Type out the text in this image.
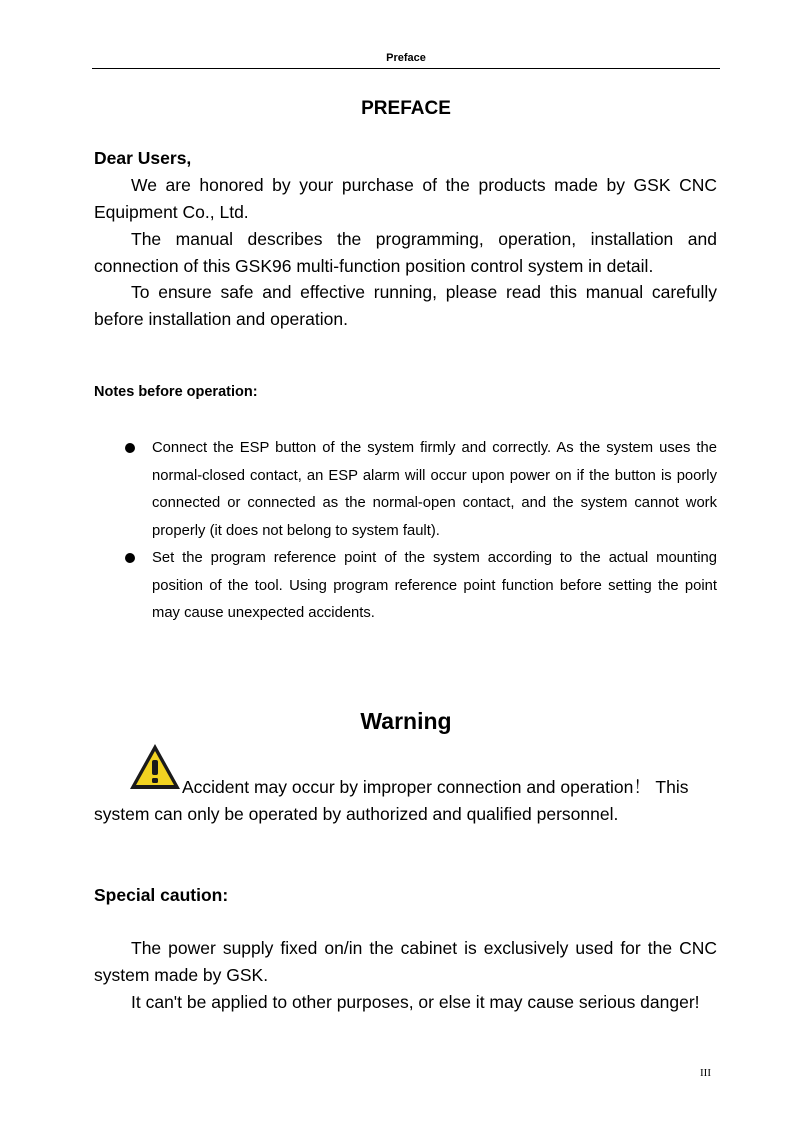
Preface
PREFACE
Dear Users,
We are honored by your purchase of the products made by GSK CNC Equipment Co., Ltd.
The manual describes the programming, operation, installation and connection of this GSK96 multi-function position control system in detail.
To ensure safe and effective running, please read this manual carefully before installation and operation.
Notes before operation:
Connect the ESP button of the system firmly and correctly. As the system uses the normal-closed contact, an ESP alarm will occur upon power on if the button is poorly connected or connected as the normal-open contact, and the system cannot work properly (it does not belong to system fault).
Set the program reference point of the system according to the actual mounting position of the tool. Using program reference point function before setting the point may cause unexpected accidents.
Warning
Accident may occur by improper connection and operation！ This
system can only be operated by authorized and qualified personnel.
Special caution:
The power supply fixed on/in the cabinet is exclusively used for the CNC system made by GSK.
It can't be applied to other purposes, or else it may cause serious danger!
III
